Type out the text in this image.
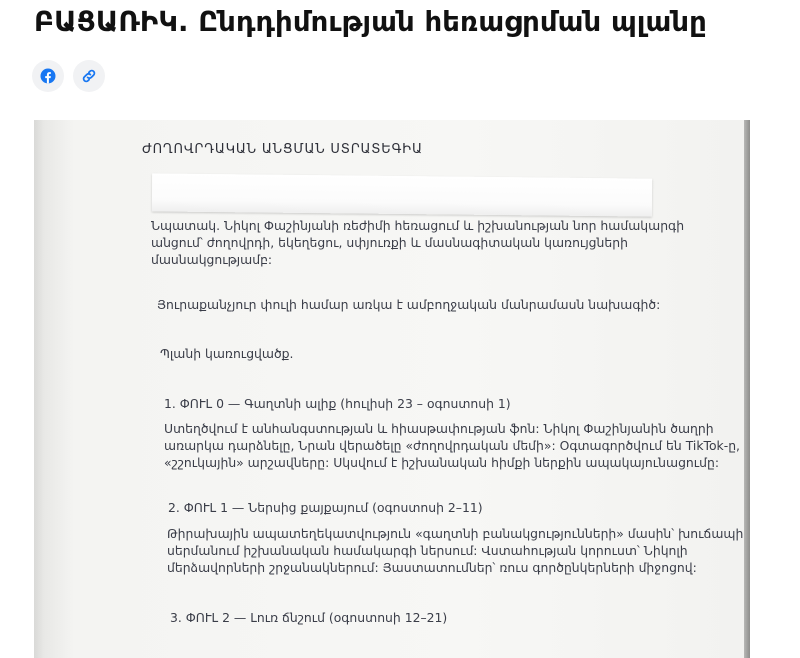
ԲԱՑԱՌԻԿ. Ընդդիմության հեռացրման պլանը
ԺՈՂՈՎՐԴԱԿԱՆ ԱՆՑՄԱՆ ՍՏՐԱՏԵԳԻԱ
Նպատակ. Նիկոլ Փաշինյանի ռեժիմի հեռացում և իշխանության նոր համակարգի
անցում՝ ժողովրդի, եկեղեցու, սփյուռքի և մասնագիտական կառույցների
մասնակցությամբ:
Յուրաքանչյուր փուլի համար առկա է ամբողջական մանրամասն նախագիծ:
Պլանի կառուցվածք.
1. ՓՈՒԼ 0 — Գաղտնի ալիք (հուլիսի 23 – օգոստոսի 1)
Ստեղծվում է անհանգստության և հիասթափության ֆոն: Նիկոլ Փաշինյանին ծաղրի
առարկա դարձնելը, Նրան վերածելը «ժողովրդական մեմի»: Օգտագործվում են TikTok-ը,
«շշուկային» արշավները: Սկսվում է իշխանական հիմքի ներքին ապակայունացումը:
2. ՓՈՒԼ 1 — Ներսից քայքայում (օգոստոսի 2–11)
Թիրախային ապատեղեկատվություն «գաղտնի բանակցությունների» մասին՝ խուճապի
սերմանում իշխանական համակարգի ներսում: Վստահության կորուստ՝ Նիկոլի
մերձավորների շրջանակներում: Յաստատումներ՝ ռուս գործընկերների միջոցով:
3. ՓՈՒԼ 2 — Լուռ ճնշում (օգոստոսի 12–21)
